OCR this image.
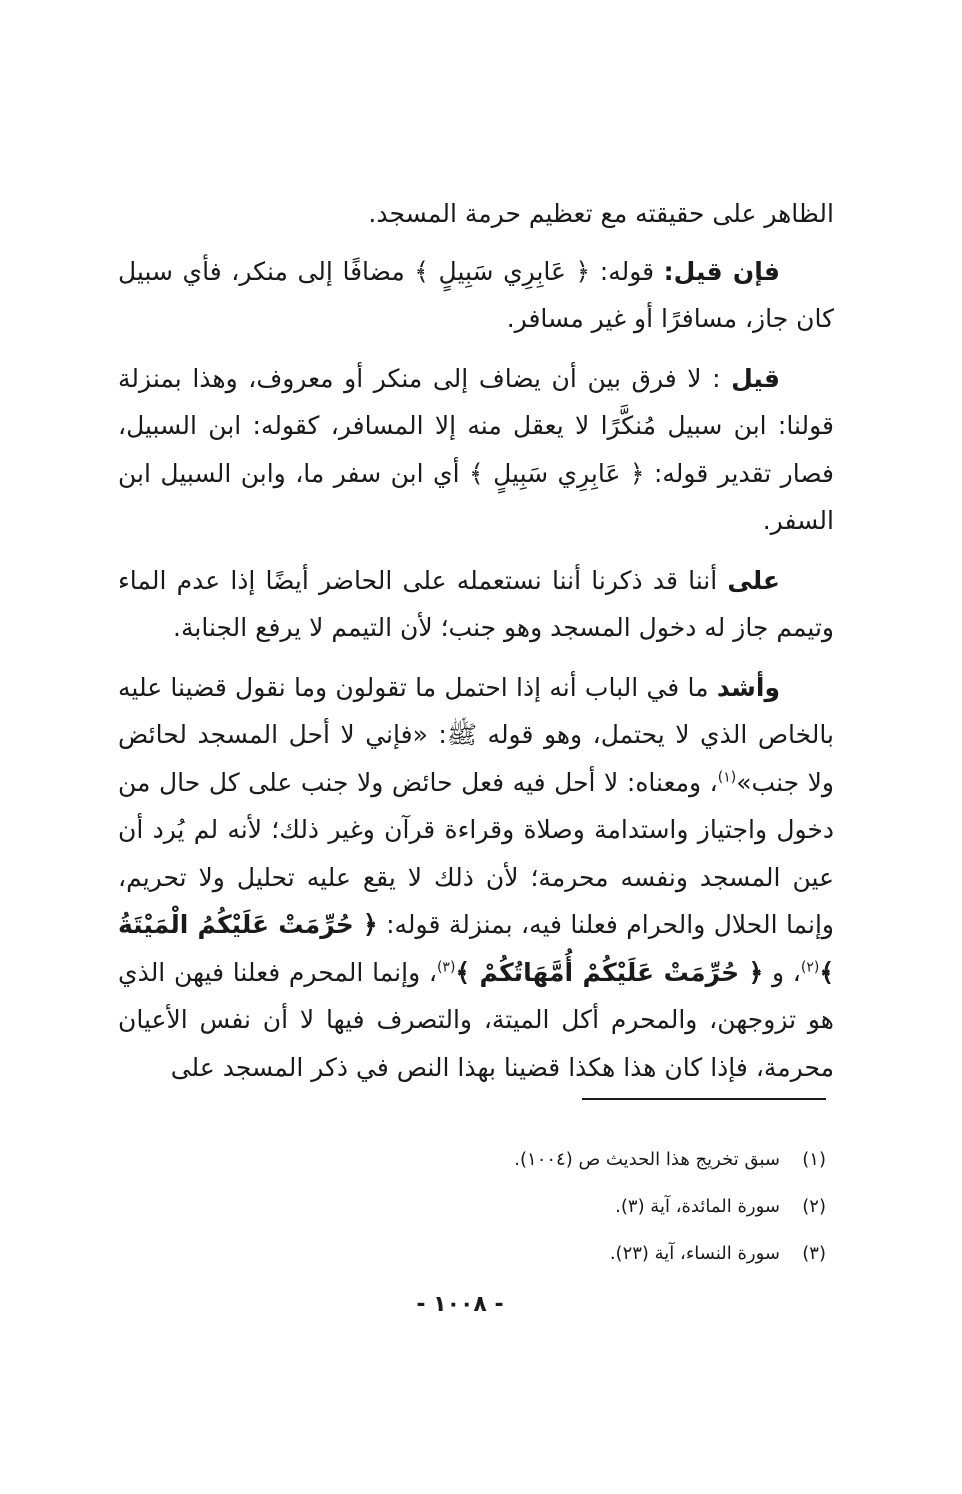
الظاهر على حقيقته مع تعظيم حرمة المسجد.

فإن قيل: قوله: ﴿ عَابِرِي سَبِيلٍ ﴾ مضافًا إلى منكر، فأي سبيل كان جاز، مسافرًا أو غير مسافر.

قيل : لا فرق بين أن يضاف إلى منكر أو معروف، وهذا بمنزلة قولنا: ابن سبيل مُنكَّرًا لا يعقل منه إلا المسافر، كقوله: ابن السبيل، فصار تقدير قوله: ﴿ عَابِرِي سَبِيلٍ ﴾ أي ابن سفر ما، وابن السبيل ابن السفر.

على أننا قد ذكرنا أننا نستعمله على الحاضر أيضًا إذا عدم الماء وتيمم جاز له دخول المسجد وهو جنب؛ لأن التيمم لا يرفع الجنابة.

وأشد ما في الباب أنه إذا احتمل ما تقولون وما نقول قضينا عليه بالخاص الذي لا يحتمل، وهو قوله ﷺ: «فإني لا أحل المسجد لحائض ولا جنب»$^{(١)}$، ومعناه: لا أحل فيه فعل حائض ولا جنب على كل حال من دخول واجتياز واستدامة وصلاة وقراءة قرآن وغير ذلك؛ لأنه لم يُرد أن عين المسجد ونفسه محرمة؛ لأن ذلك لا يقع عليه تحليل ولا تحريم، وإنما الحلال والحرام فعلنا فيه، بمنزلة قوله: ﴿ حُرِّمَتْ عَلَيْكُمُ الْمَيْتَةُ ﴾$^{(٢)}$، و ﴿ حُرِّمَتْ عَلَيْكُمْ أُمَّهَاتُكُمْ ﴾$^{(٣)}$، وإنما المحرم فعلنا فيهن الذي هو تزوجهن، والمحرم أكل الميتة، والتصرف فيها لا أن نفس الأعيان محرمة، فإذا كان هذا هكذا قضينا بهذا النص في ذكر المسجد على

(١)
سبق تخريج هذا الحديث ص (١٠٠٤).
(٢)
سورة المائدة، آية (٣).
(٣)
سورة النساء، آية (٢٣).
- ١٠٠٨ -
